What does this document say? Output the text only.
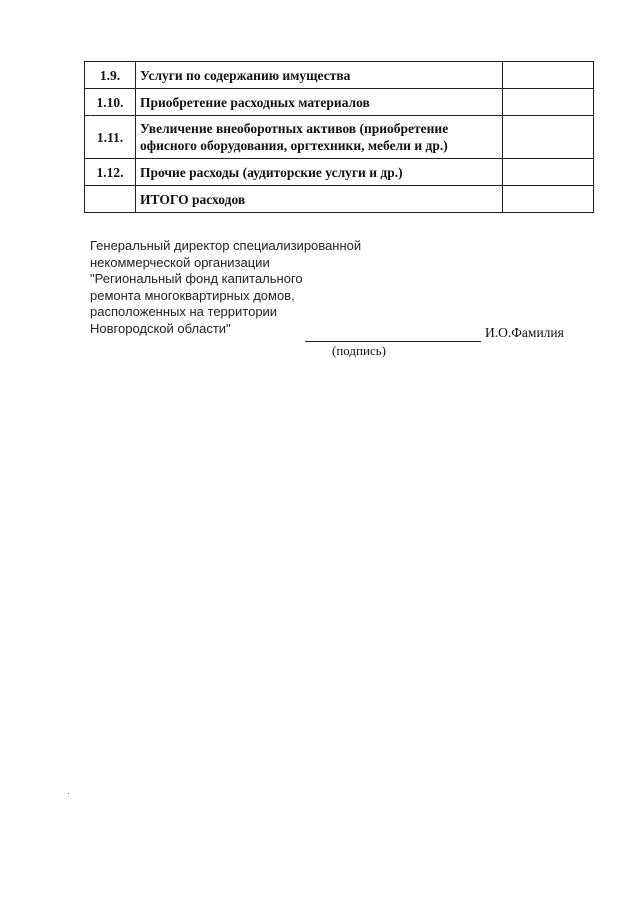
1.9.	Услуги по содержанию имущества	
1.10.	Приобретение расходных материалов	
1.11.	Увеличение внеоборотных активов (приобретение
офисного оборудования, оргтехники, мебели и др.)	

1.12.	Прочие расходы (аудиторские услуги и др.)	
	ИТОГО расходов	
Генеральный директор специализированной
некоммерческой организации
"Региональный фонд капитального
ремонта многоквартирных домов,
расположенных на территории
Новгородской области"	И.О.Фамилия
(подпись)
